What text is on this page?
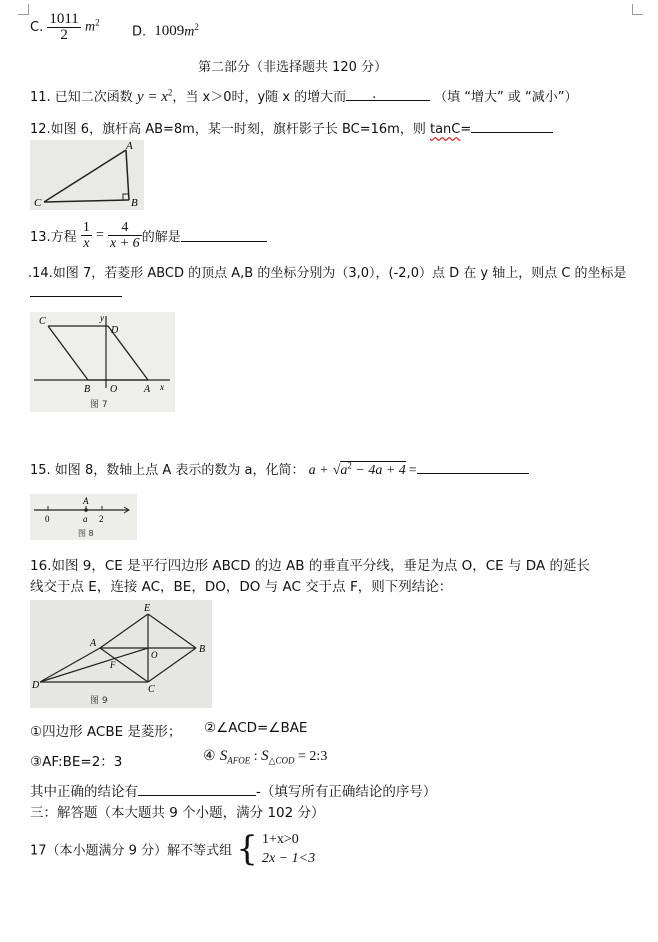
C. $\frac{1011}{2} m^2$
D. $1009m^2$
第二部分（非选择题共 120 分）
11. 已知二次函数 $y = x^2$，当 x＞0时，y随 x 的增大而 .	（填 “增大” 或 “减小”）
12.如图 6，旗杆高 AB=8m，某一时刻，旗杆影子长 BC=16m，则 tanC=
A
B
C
13.方程 $\frac{1}{x} = \frac{4}{x + 6}$ 的解是
.14.如图 7，若菱形 ABCD 的顶点 A,B 的坐标分别为（3,0），(-2,0）点 D 在 y 轴上，则点 C 的坐标是
C	y
D
B O	A x
图 7
15. 如图 8，数轴上点 A 表示的数为 a，化简： $a + √a^2 - 4a + 4$ =
A
0	a 2
图 8
16.如图 9，CE 是平行四边形 ABCD 的边 AB 的垂直平分线，垂足为点 O，CE 与 DA 的延长
线交于点 E，连接 AC，BE，DO，DO 与 AC 交于点 F，则下列结论：
E
A
O	B
F
D	C
图 9
①四边形 ACBE 是菱形； ②∠ACD=∠BAE
③AF:BE=2：3	④ $S_{AFOE}$ : $S_{\triangle COD}$ = 2:3
其中正确的结论有	-（填写所有正确结论的序号）
三：解答题（本大题共 9 个小题，满分 102 分）
17（本小题满分 9 分）解不等式组 { 1+x>0
2x − 1<3
